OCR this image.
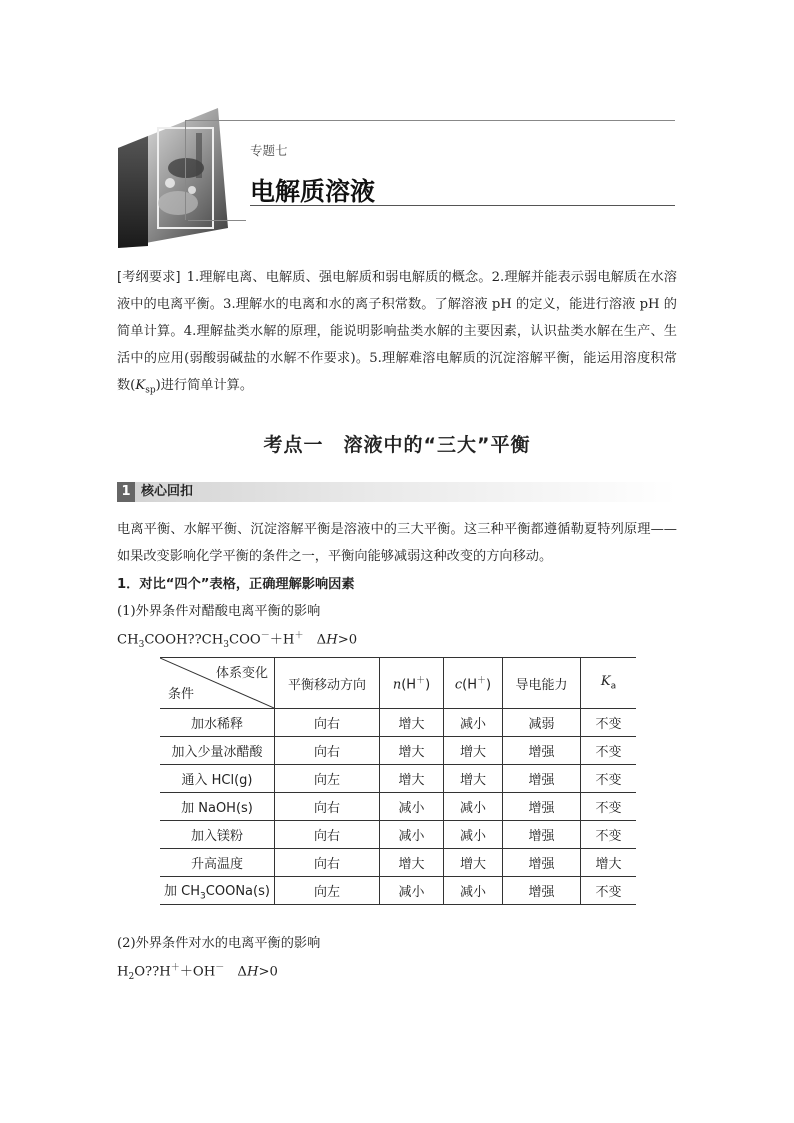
专题七
电解质溶液
[考纲要求] 1.理解电离、电解质、强电解质和弱电解质的概念。2.理解并能表示弱电解质在水溶液中的电离平衡。3.理解水的电离和水的离子积常数。了解溶液 pH 的定义，能进行溶液 pH 的简单计算。4.理解盐类水解的原理，能说明影响盐类水解的主要因素，认识盐类水解在生产、生活中的应用(弱酸弱碱盐的水解不作要求)。5.理解难溶电解质的沉淀溶解平衡，能运用溶度积常数$(K_{sp})$进行简单计算。
考点一　溶液中的“三大”平衡
1 核心回扣
电离平衡、水解平衡、沉淀溶解平衡是溶液中的三大平衡。这三种平衡都遵循勒夏特列原理——如果改变影响化学平衡的条件之一，平衡向能够减弱这种改变的方向移动。
1．对比“四个”表格，正确理解影响因素
(1)外界条件对醋酸电离平衡的影响
$CH_3COOH??CH_3COO^-+H^+$　ΔH>0
体系变化
条件	平衡移动方向	n(H＋)	c(H＋)	导电能力	$K_a$
加水稀释	向右	增大	减小	减弱	不变
加入少量冰醋酸	向右	增大	增大	增强	不变
通入 HCl(g)	向左	增大	增大	增强	不变
加 NaOH(s)	向右	减小	减小	增强	不变
加入镁粉	向右	减小	减小	增强	不变
升高温度	向右	增大	增大	增强	增大
加 $CH_3COONa(s)$	向左	减小	减小	增强	不变
(2)外界条件对水的电离平衡的影响
$H_2O??H^++OH^-$　ΔH>0
